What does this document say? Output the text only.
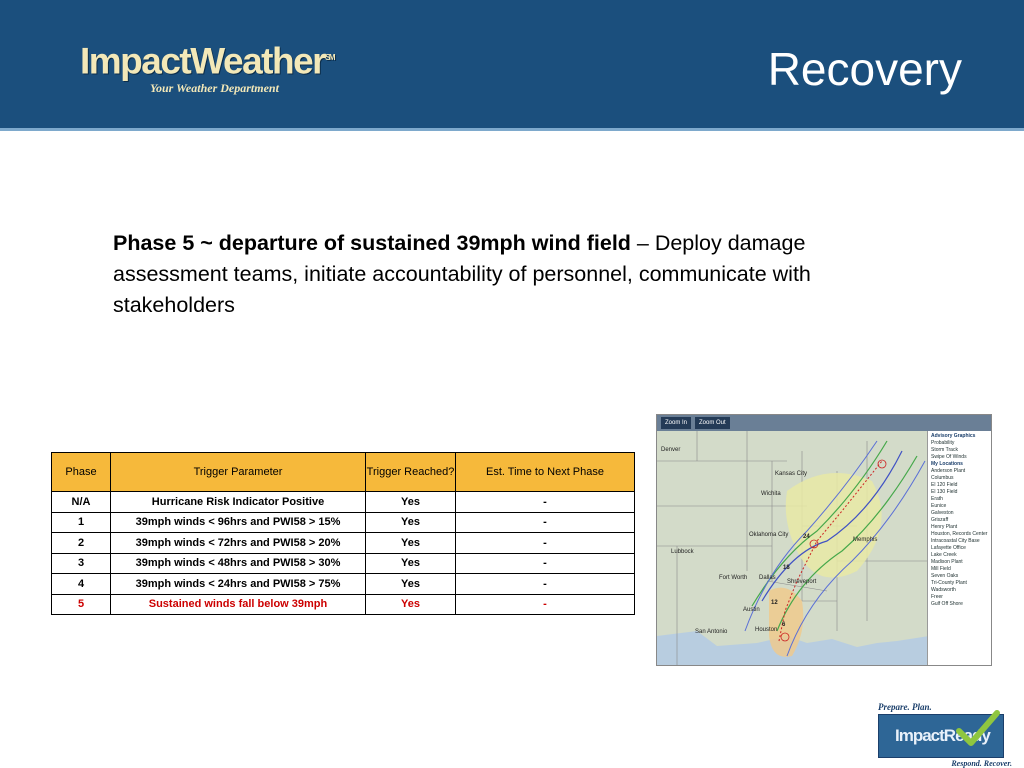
ImpactWeather℠
Your Weather Department	Recovery
Phase 5 ~ departure of sustained 39mph wind field – Deploy damage assessment teams, initiate accountability of personnel, communicate with stakeholders
Phase	Trigger Parameter	Trigger Reached?	Est. Time to Next Phase
N/A	Hurricane Risk Indicator Positive	Yes	-
1	39mph winds < 96hrs and PWI58 > 15%	Yes	-
2	39mph winds < 72hrs and PWI58 > 20%	Yes	-
3	39mph winds < 48hrs and PWI58 > 30%	Yes	-
4	39mph winds < 24hrs and PWI58 > 75%	Yes	-
5	Sustained winds fall below 39mph	Yes	-
Zoom In	Zoom Out
Denver
Kansas City
Wichita
Oklahoma City
Fort Worth Dallas
Memphis
Austin
Houston
San Antonio
Shreveport
Lubbock
24
18
12
6
Advisory Graphics
Probability
Storm Track
Swipe Of Winds
My Locations
Anderson Plant
Columbus
El 120 Field
El 130 Field
Erath
Eunice
Galveston
Griszaff
Henry Plant
Houston, Records Center
Intracoastal City Base
Lafayette Office
Lake Creek
Madison Plant
Mill Field
Seven Oaks
Tri-County Plant
Wadsworth
Freer
Gulf Off Shore
Prepare. Plan.
ImpactReady
Respond. Recover.
